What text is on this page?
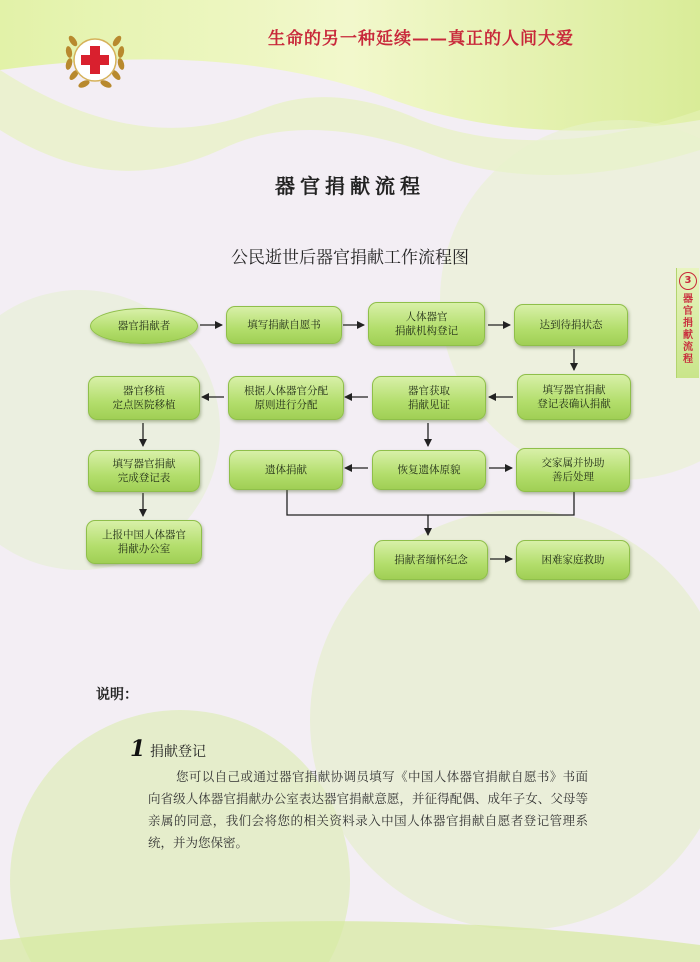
生命的另一种延续——真正的人间大爱
3
器官捐献流程
器官捐献流程
公民逝世后器官捐献工作流程图
器官捐献者	填写捐献自愿书
人体器官
捐献机构登记	达到待捐状态
填写器官捐献
登记表确认捐献
器官获取
捐献见证
根据人体器官分配
原则进行分配
器官移植
定点医院移植
填写器官捐献
完成登记表
上报中国人体器官
捐献办公室
恢复遗体原貌
遗体捐献
交家属并协助
善后处理
捐献者缅怀纪念	困难家庭救助
说明：
1 捐献登记
您可以自己或通过器官捐献协调员填写《中国人体器官捐献自愿书》书面向省级人体器官捐献办公室表达器官捐献意愿，并征得配偶、成年子女、父母等亲属的同意，我们会将您的相关资料录入中国人体器官捐献自愿者登记管理系统，并为您保密。
